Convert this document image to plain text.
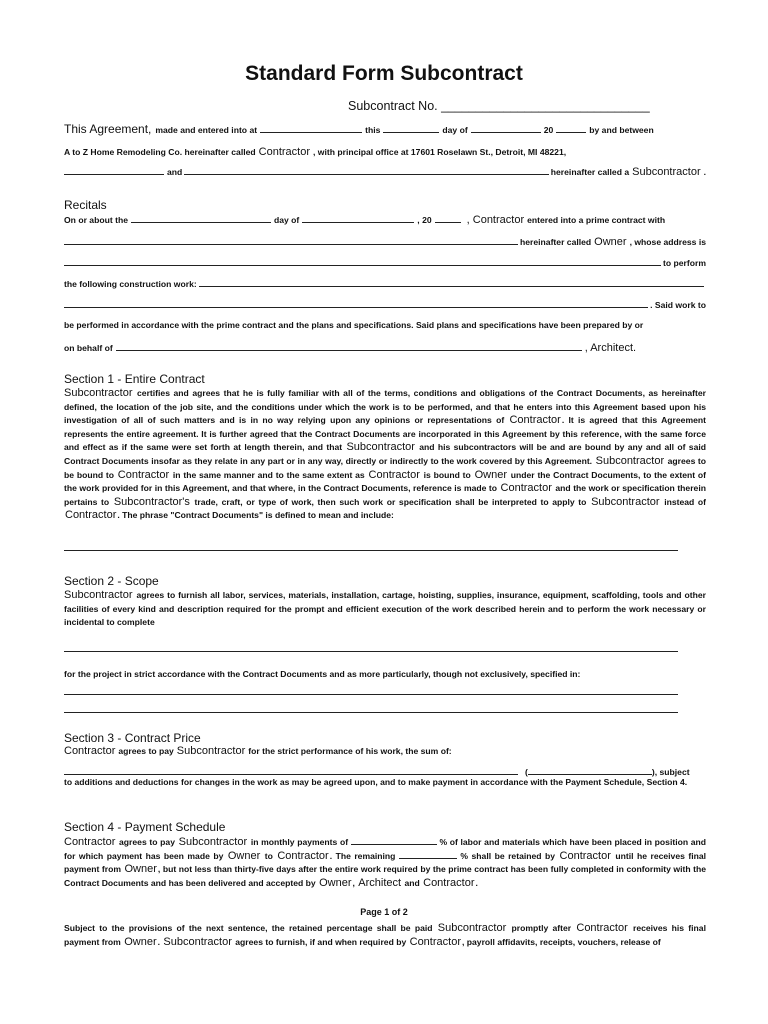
Standard Form Subcontract
Subcontract No. ______________________________
This Agreement, made and entered into at	this	day of	20	by and between
A to Z Home Remodeling Co. hereinafter called Contractor , with principal office at 17601 Roselawn St., Detroit, MI 48221,
and	hereinafter called a Subcontractor .
Recitals
On or about the	day of	, 20	, Contractor entered into a prime contract with
hereinafter called Owner , whose address is
to perform
the following construction work:
. Said work to
be performed in accordance with the prime contract and the plans and specifications. Said plans and specifications have been prepared by or
on behalf of	, Architect.
Section 1 - Entire Contract
Subcontractor certifies and agrees that he is fully familiar with all of the terms, conditions and obligations of the Contract Documents, as hereinafter defined, the location of the job site, and the conditions under which the work is to be performed, and that he enters into this Agreement based upon his investigation of all of such matters and is in no way relying upon any opinions or representations of Contractor. It is agreed that this Agreement represents the entire agreement. It is further agreed that the Contract Documents are incorporated in this Agreement by this reference, with the same force and effect as if the same were set forth at length therein, and that Subcontractor and his subcontractors will be and are bound by any and all of said Contract Documents insofar as they relate in any part or in any way, directly or indirectly to the work covered by this Agreement. Subcontractor agrees to be bound to Contractor in the same manner and to the same extent as Contractor is bound to Owner under the Contract Documents, to the extent of the work provided for in this Agreement, and that where, in the Contract Documents, reference is made to Contractor and the work or specification therein pertains to Subcontractor's trade, craft, or type of work, then such work or specification shall be interpreted to apply to Subcontractor instead of Contractor. The phrase "Contract Documents" is defined to mean and include:
Section 2 - Scope
Subcontractor agrees to furnish all labor, services, materials, installation, cartage, hoisting, supplies, insurance, equipment, scaffolding, tools and other facilities of every kind and description required for the prompt and efficient execution of the work described herein and to perform the work necessary or incidental to complete
for the project in strict accordance with the Contract Documents and as more particularly, though not exclusively, specified in:
Section 3 - Contract Price
Contractor agrees to pay Subcontractor for the strict performance of his work, the sum of:
(	), subject
to additions and deductions for changes in the work as may be agreed upon, and to make payment in accordance with the Payment Schedule, Section 4.
Section 4 - Payment Schedule
Contractor agrees to pay Subcontractor in monthly payments of	% of labor and materials which have been placed in position and for which payment has been made by Owner to Contractor. The remaining	% shall be retained by Contractor until he receives final payment from Owner, but not less than thirty-five days after the entire work required by the prime contract has been fully completed in conformity with the Contract Documents and has been delivered and accepted by Owner, Architect and Contractor.
Page 1 of 2
Subject to the provisions of the next sentence, the retained percentage shall be paid Subcontractor promptly after Contractor receives his final payment from Owner. Subcontractor agrees to furnish, if and when required by Contractor, payroll affidavits, receipts, vouchers, release of
